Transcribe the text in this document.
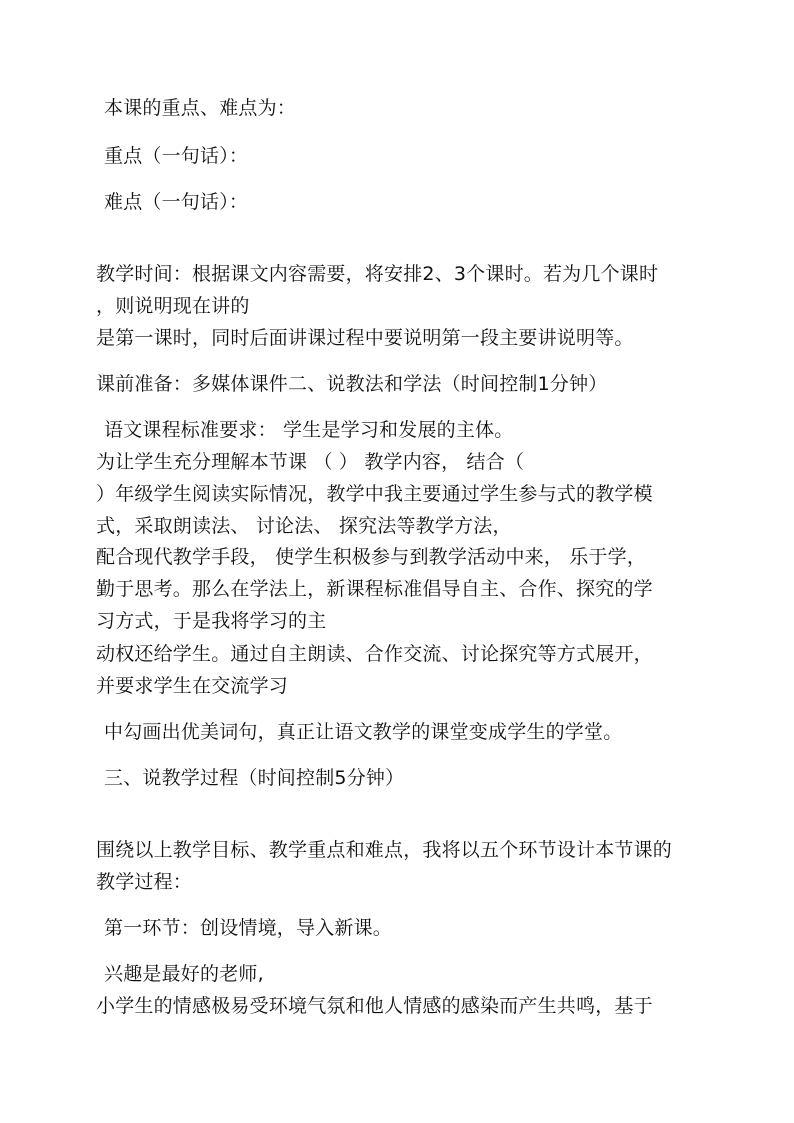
本课的重点、难点为：

重点（一句话）：

难点（一句话）：

教学时间：根据课文内容需要，将安排2、3个课时。若为几个课时

，则说明现在讲的

是第一课时，同时后面讲课过程中要说明第一段主要讲说明等。

课前准备：多媒体课件二、说教法和学法（时间控制1分钟）

语文课程标准要求： 学生是学习和发展的主体。

为让学生充分理解本节课 （ ） 教学内容， 结合（

）年级学生阅读实际情况，教学中我主要通过学生参与式的教学模

式，采取朗读法、 讨论法、 探究法等教学方法，

配合现代教学手段， 使学生积极参与到教学活动中来， 乐于学，

勤于思考。那么在学法上，新课程标准倡导自主、合作、探究的学

习方式，于是我将学习的主

动权还给学生。通过自主朗读、合作交流、讨论探究等方式展开，

并要求学生在交流学习

中勾画出优美词句，真正让语文教学的课堂变成学生的学堂。

三、说教学过程（时间控制5分钟）

围绕以上教学目标、教学重点和难点，我将以五个环节设计本节课的

教学过程：

第一环节：创设情境，导入新课。

兴趣是最好的老师,

小学生的情感极易受环境气氛和他人情感的感染而产生共鸣，基于
